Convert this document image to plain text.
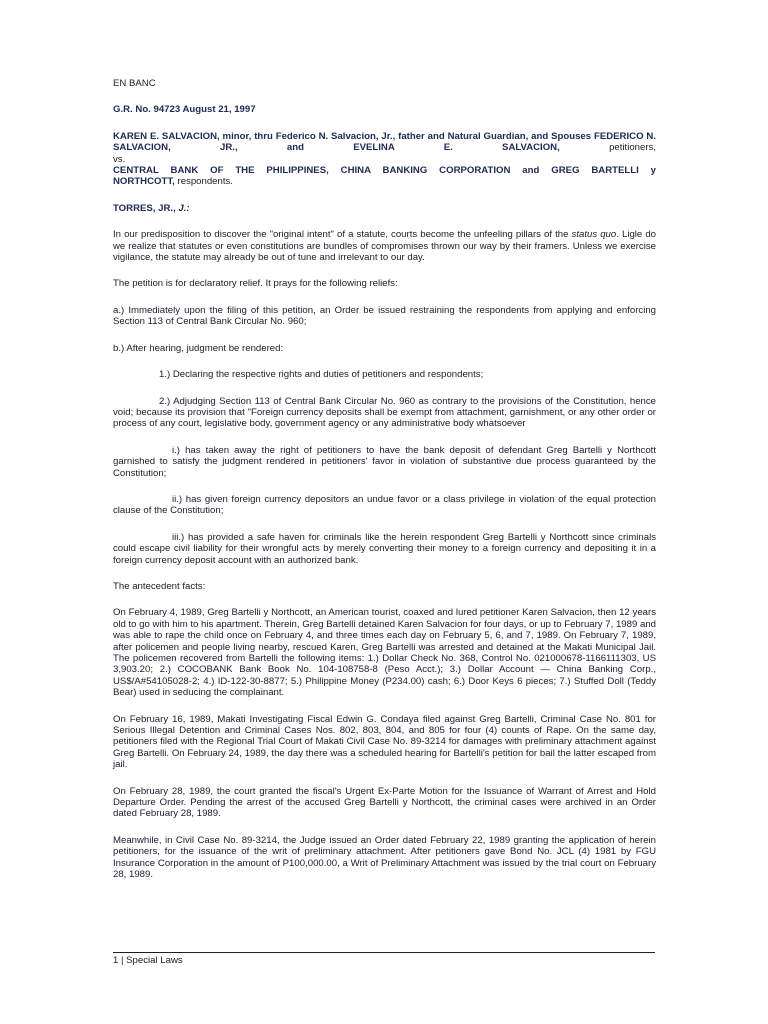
EN BANC

G.R. No. 94723 August 21, 1997

KAREN E. SALVACION, minor, thru Federico N. Salvacion, Jr., father and Natural Guardian, and Spouses FEDERICO N.
SALVACION, JR., and EVELINA E. SALVACION,	petitioners,
vs.
CENTRAL BANK OF THE PHILIPPINES, CHINA BANKING CORPORATION and GREG BARTELLI y
NORTHCOTT, respondents.

TORRES, JR., J.:

In our predisposition to discover the "original intent" of a statute, courts become the unfeeling pillars of the status quo. Ligle do we realize that statutes or even constitutions are bundles of compromises thrown our way by their framers. Unless we exercise vigilance, the statute may already be out of tune and irrelevant to our day.

The petition is for declaratory relief. It prays for the following reliefs:

a.) Immediately upon the filing of this petition, an Order be issued restraining the respondents from applying and enforcing Section 113 of Central Bank Circular No. 960;

b.) After hearing, judgment be rendered:

1.) Declaring the respective rights and duties of petitioners and respondents;

2.) Adjudging Section 113 of Central Bank Circular No. 960 as contrary to the provisions of the Constitution, hence void; because its provision that "Foreign currency deposits shall be exempt from attachment, garnishment, or any other order or process of any court, legislative body, government agency or any administrative body whatsoever

i.) has taken away the right of petitioners to have the bank deposit of defendant Greg Bartelli y Northcott garnished to satisfy the judgment rendered in petitioners' favor in violation of substantive due process guaranteed by the Constitution;

ii.) has given foreign currency depositors an undue favor or a class privilege in violation of the equal protection clause of the Constitution;

iii.) has provided a safe haven for criminals like the herein respondent Greg Bartelli y Northcott since criminals could escape civil liability for their wrongful acts by merely converting their money to a foreign currency and depositing it in a foreign currency deposit account with an authorized bank.

The antecedent facts:

On February 4, 1989, Greg Bartelli y Northcott, an American tourist, coaxed and lured petitioner Karen Salvacion, then 12 years old to go with him to his apartment. Therein, Greg Bartelli detained Karen Salvacion for four days, or up to February 7, 1989 and was able to rape the child once on February 4, and three times each day on February 5, 6, and 7, 1989. On February 7, 1989, after policemen and people living nearby, rescued Karen, Greg Bartelli was arrested and detained at the Makati Municipal Jail. The policemen recovered from Bartelli the following items: 1.) Dollar Check No. 368, Control No. 021000678-1166111303, US 3,903.20; 2.) COCOBANK Bank Book No. 104-108758-8 (Peso Acct.); 3.) Dollar Account — China Banking Corp., US$/A#54105028-2; 4.) ID-122-30-8877; 5.) Philippine Money (P234.00) cash; 6.) Door Keys 6 pieces; 7.) Stuffed Doll (Teddy Bear) used in seducing the complainant.

On February 16, 1989, Makati Investigating Fiscal Edwin G. Condaya filed against Greg Bartelli, Criminal Case No. 801 for Serious Illegal Detention and Criminal Cases Nos. 802, 803, 804, and 805 for four (4) counts of Rape. On the same day, petitioners filed with the Regional Trial Court of Makati Civil Case No. 89-3214 for damages with preliminary attachment against Greg Bartelli. On February 24, 1989, the day there was a scheduled hearing for Bartelli's petition for bail the latter escaped from jail.

On February 28, 1989, the court granted the fiscal's Urgent Ex-Parte Motion for the Issuance of Warrant of Arrest and Hold Departure Order. Pending the arrest of the accused Greg Bartelli y Northcott, the criminal cases were archived in an Order dated February 28, 1989.

Meanwhile, in Civil Case No. 89-3214, the Judge issued an Order dated February 22, 1989 granting the application of herein petitioners, for the issuance of the writ of preliminary attachment. After petitioners gave Bond No. JCL (4) 1981 by FGU Insurance Corporation in the amount of P100,000.00, a Writ of Preliminary Attachment was issued by the trial court on February 28, 1989.

1 | Special Laws
